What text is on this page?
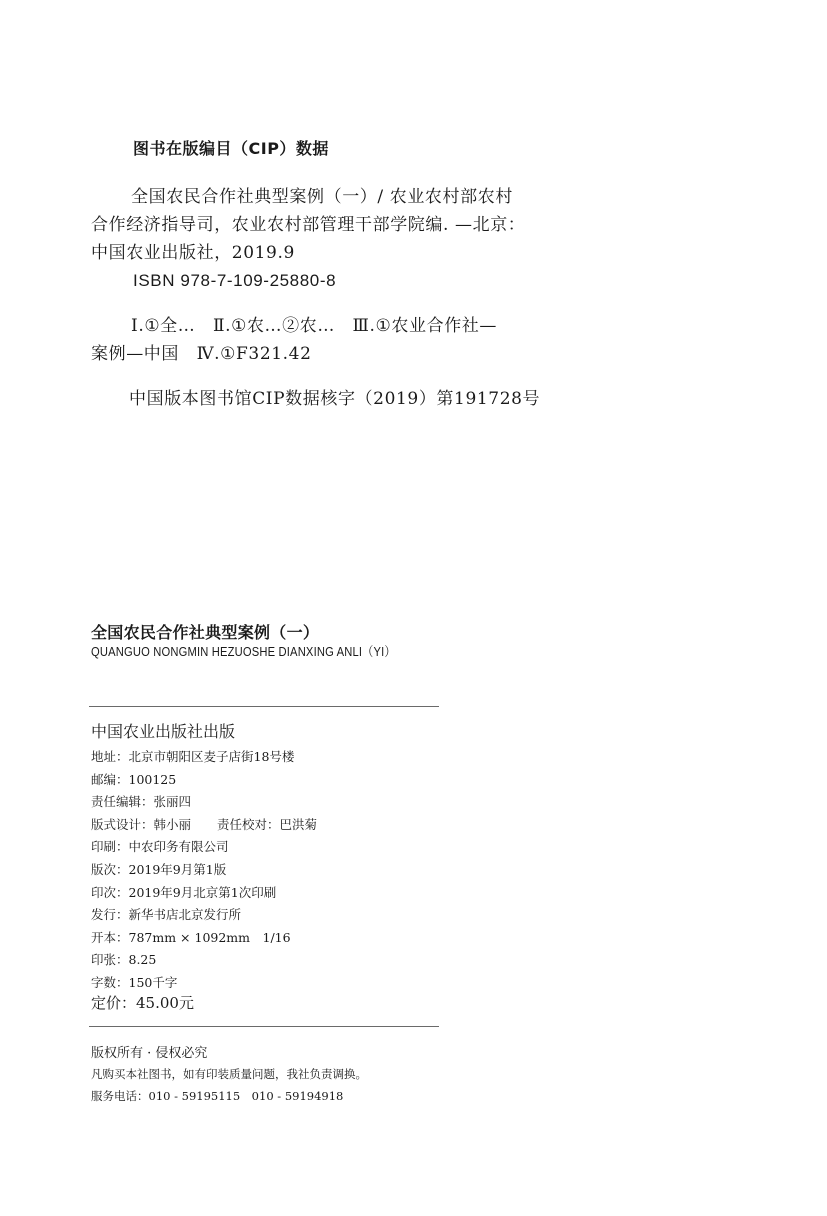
图书在版编目（CIP）数据
全国农民合作社典型案例（一）/ 农业农村部农村
合作经济指导司，农业农村部管理干部学院编. —北京：
中国农业出版社，2019.9
ISBN 978-7-109-25880-8
Ⅰ.①全…　Ⅱ.①农…②农…　Ⅲ.①农业合作社—
案例—中国　Ⅳ.①F321.42
中国版本图书馆CIP数据核字（2019）第191728号
全国农民合作社典型案例（一）
QUANGUO NONGMIN HEZUOSHE DIANXING ANLI（YI）
中国农业出版社出版
地址：北京市朝阳区麦子店街18号楼
邮编：100125
责任编辑：张丽四
版式设计：韩小丽 责任校对：巴洪菊
印刷：中农印务有限公司
版次：2019年9月第1版
印次：2019年9月北京第1次印刷
发行：新华书店北京发行所
开本：787mm × 1092mm　1/16
印张：8.25
字数：150千字
定价：45.00元
版权所有 · 侵权必究
凡购买本社图书，如有印装质量问题，我社负责调换。
服务电话：010 - 59195115　010 - 59194918
